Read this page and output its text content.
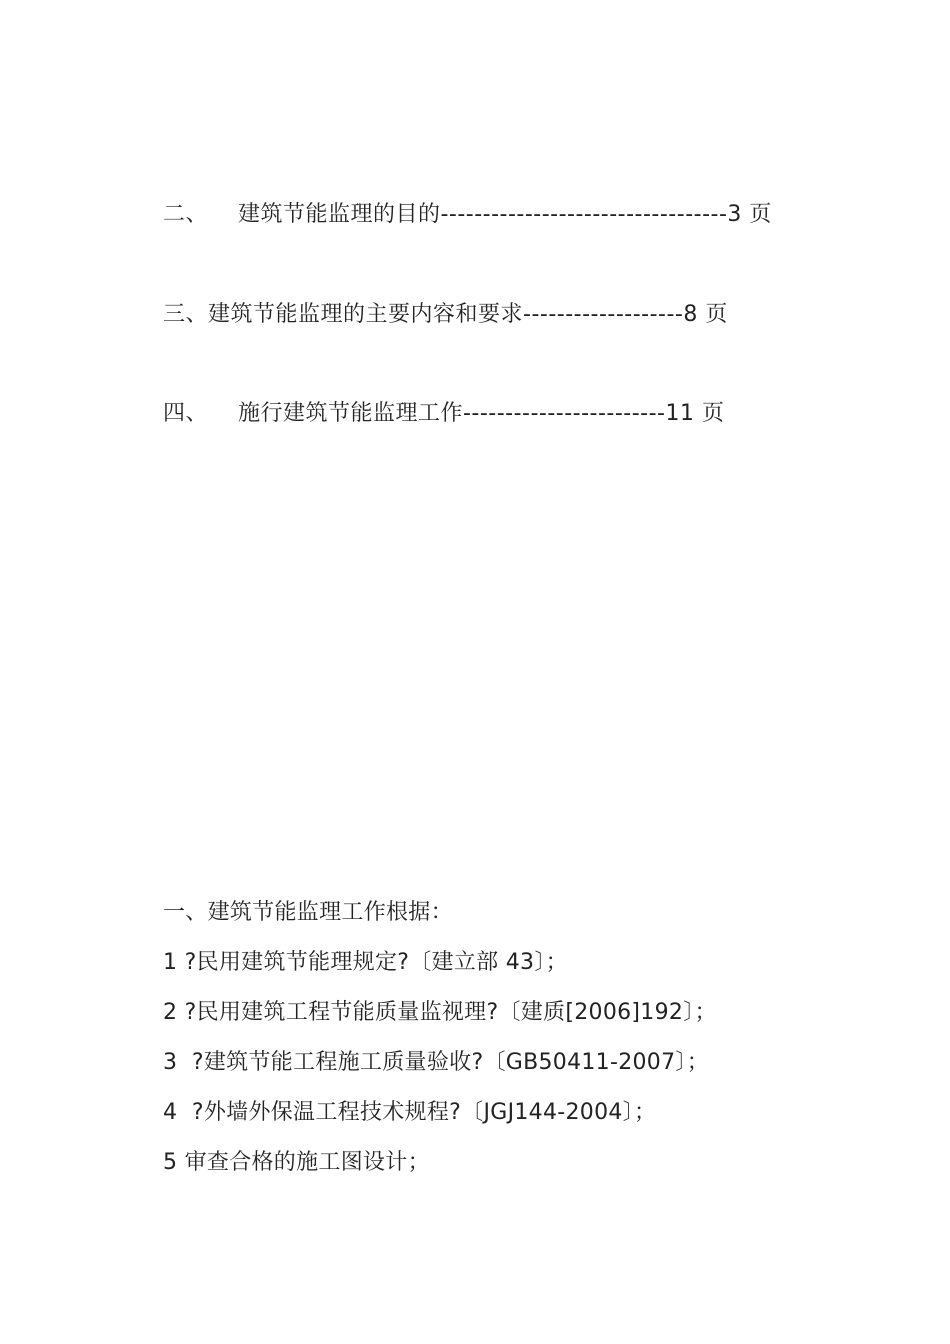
二、    建筑节能监理的目的----------------------------------3 页
三、建筑节能监理的主要内容和要求-------------------8 页
四、    施行建筑节能监理工作------------------------11 页
一、建筑节能监理工作根据：
1 ?民用建筑节能理规定?〔建立部 43〕；
2 ?民用建筑工程节能质量监视理?〔建质[2006]192〕；
3  ?建筑节能工程施工质量验收?〔GB50411-2007〕；
4  ?外墙外保温工程技术规程?〔JGJ144-2004〕；
5 审查合格的施工图设计；
